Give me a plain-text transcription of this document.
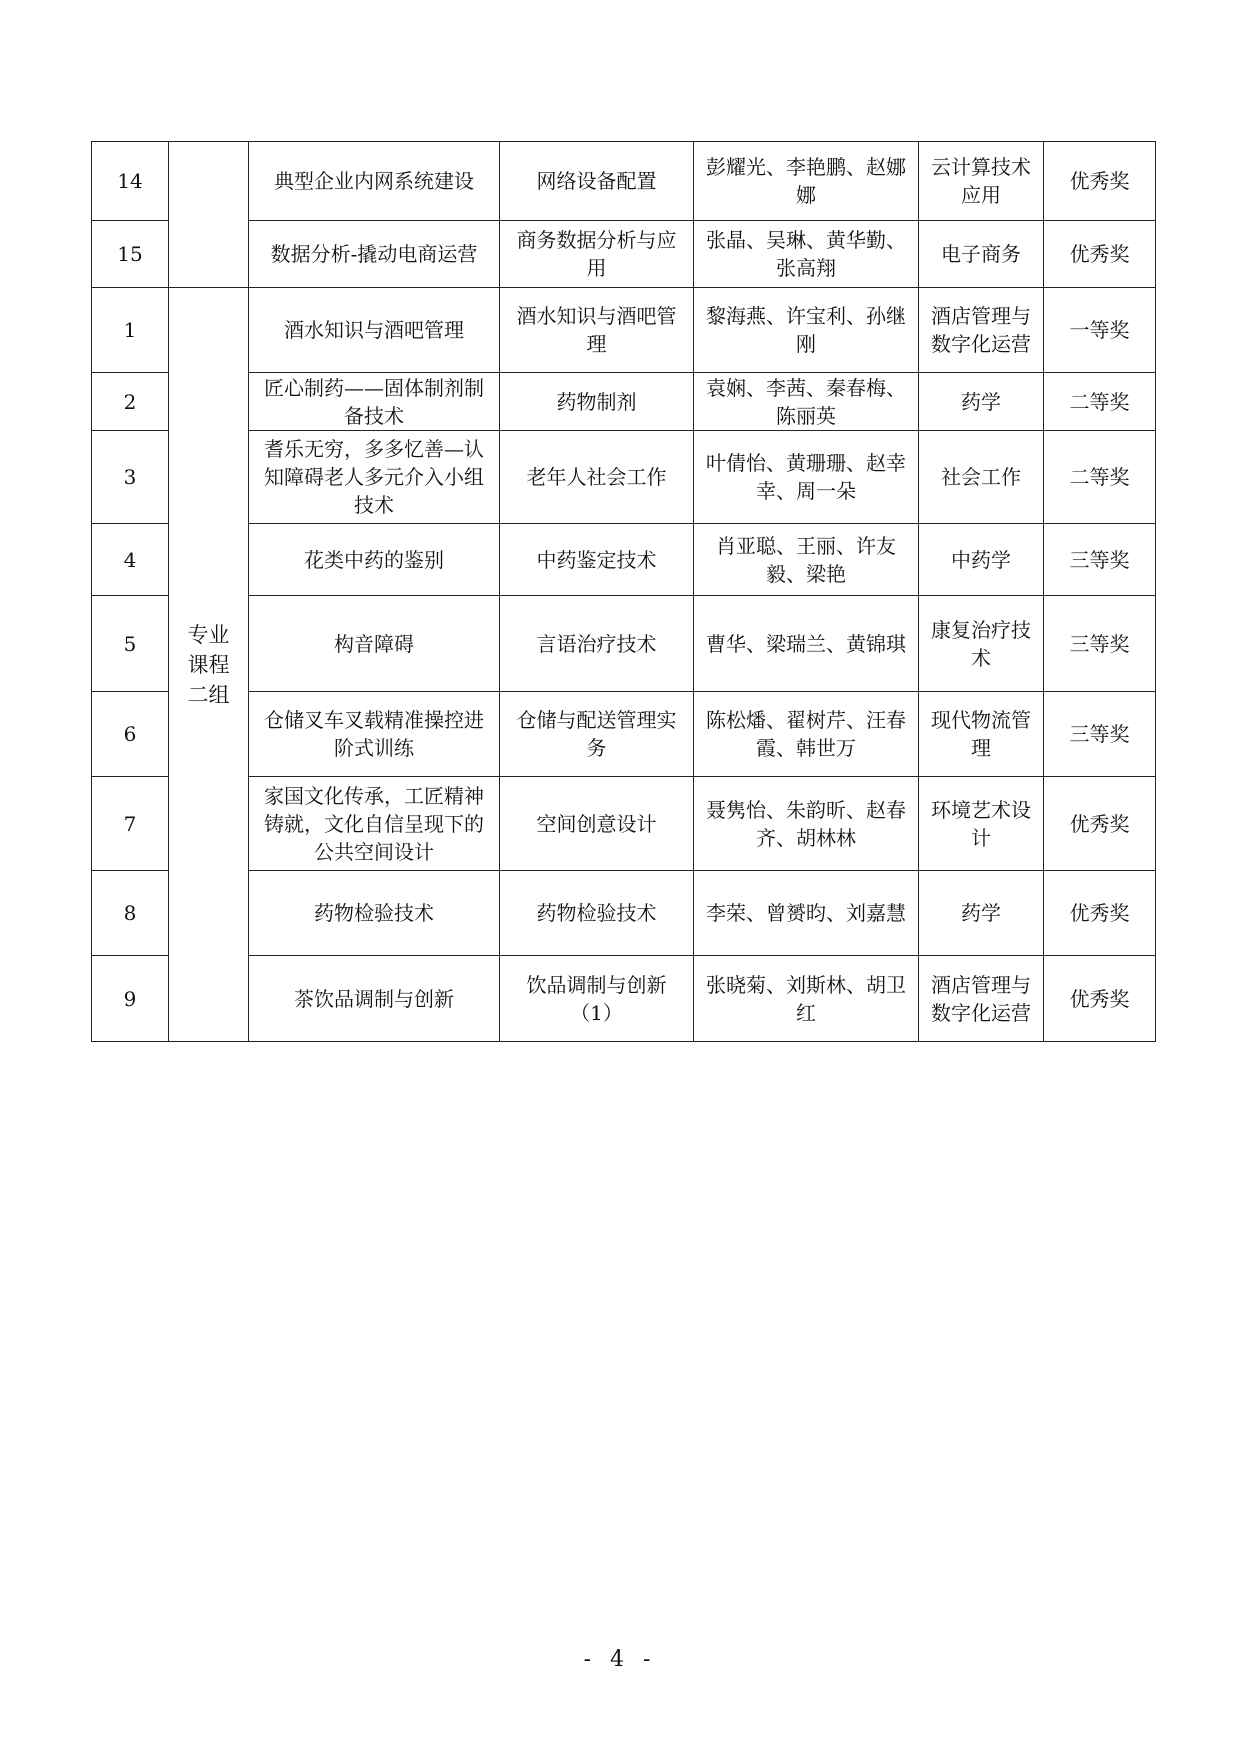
14		典型企业内网系统建设	网络设备配置	彭耀光、李艳鹏、赵娜娜	云计算技术应用	优秀奖
15		数据分析-撬动电商运营	商务数据分析与应用	张晶、吴琳、黄华勤、张高翔	电子商务	优秀奖
1	专业课程二组	酒水知识与酒吧管理	酒水知识与酒吧管理	黎海燕、许宝利、孙继刚	酒店管理与数字化运营	一等奖
2		匠心制药——固体制剂制备技术	药物制剂	袁娴、李茜、秦春梅、陈丽英	药学	二等奖
3		耆乐无穷，多多忆善—认知障碍老人多元介入小组技术	老年人社会工作	叶倩怡、黄珊珊、赵幸幸、周一朵	社会工作	二等奖
4		花类中药的鉴别	中药鉴定技术	肖亚聪、王丽、许友毅、梁艳	中药学	三等奖
5		构音障碍	言语治疗技术	曹华、梁瑞兰、黄锦琪	康复治疗技术	三等奖
6		仓储叉车叉载精准操控进阶式训练	仓储与配送管理实务	陈松燔、翟树芹、汪春霞、韩世万	现代物流管理	三等奖
7		家国文化传承，工匠精神铸就，文化自信呈现下的公共空间设计	空间创意设计	聂隽怡、朱韵昕、赵春齐、胡林林	环境艺术设计	优秀奖
8		药物检验技术	药物检验技术	李荣、曾赟昀、刘嘉慧	药学	优秀奖
9		茶饮品调制与创新	饮品调制与创新（1）	张晓菊、刘斯林、胡卫红	酒店管理与数字化运营	优秀奖
- 4 -
